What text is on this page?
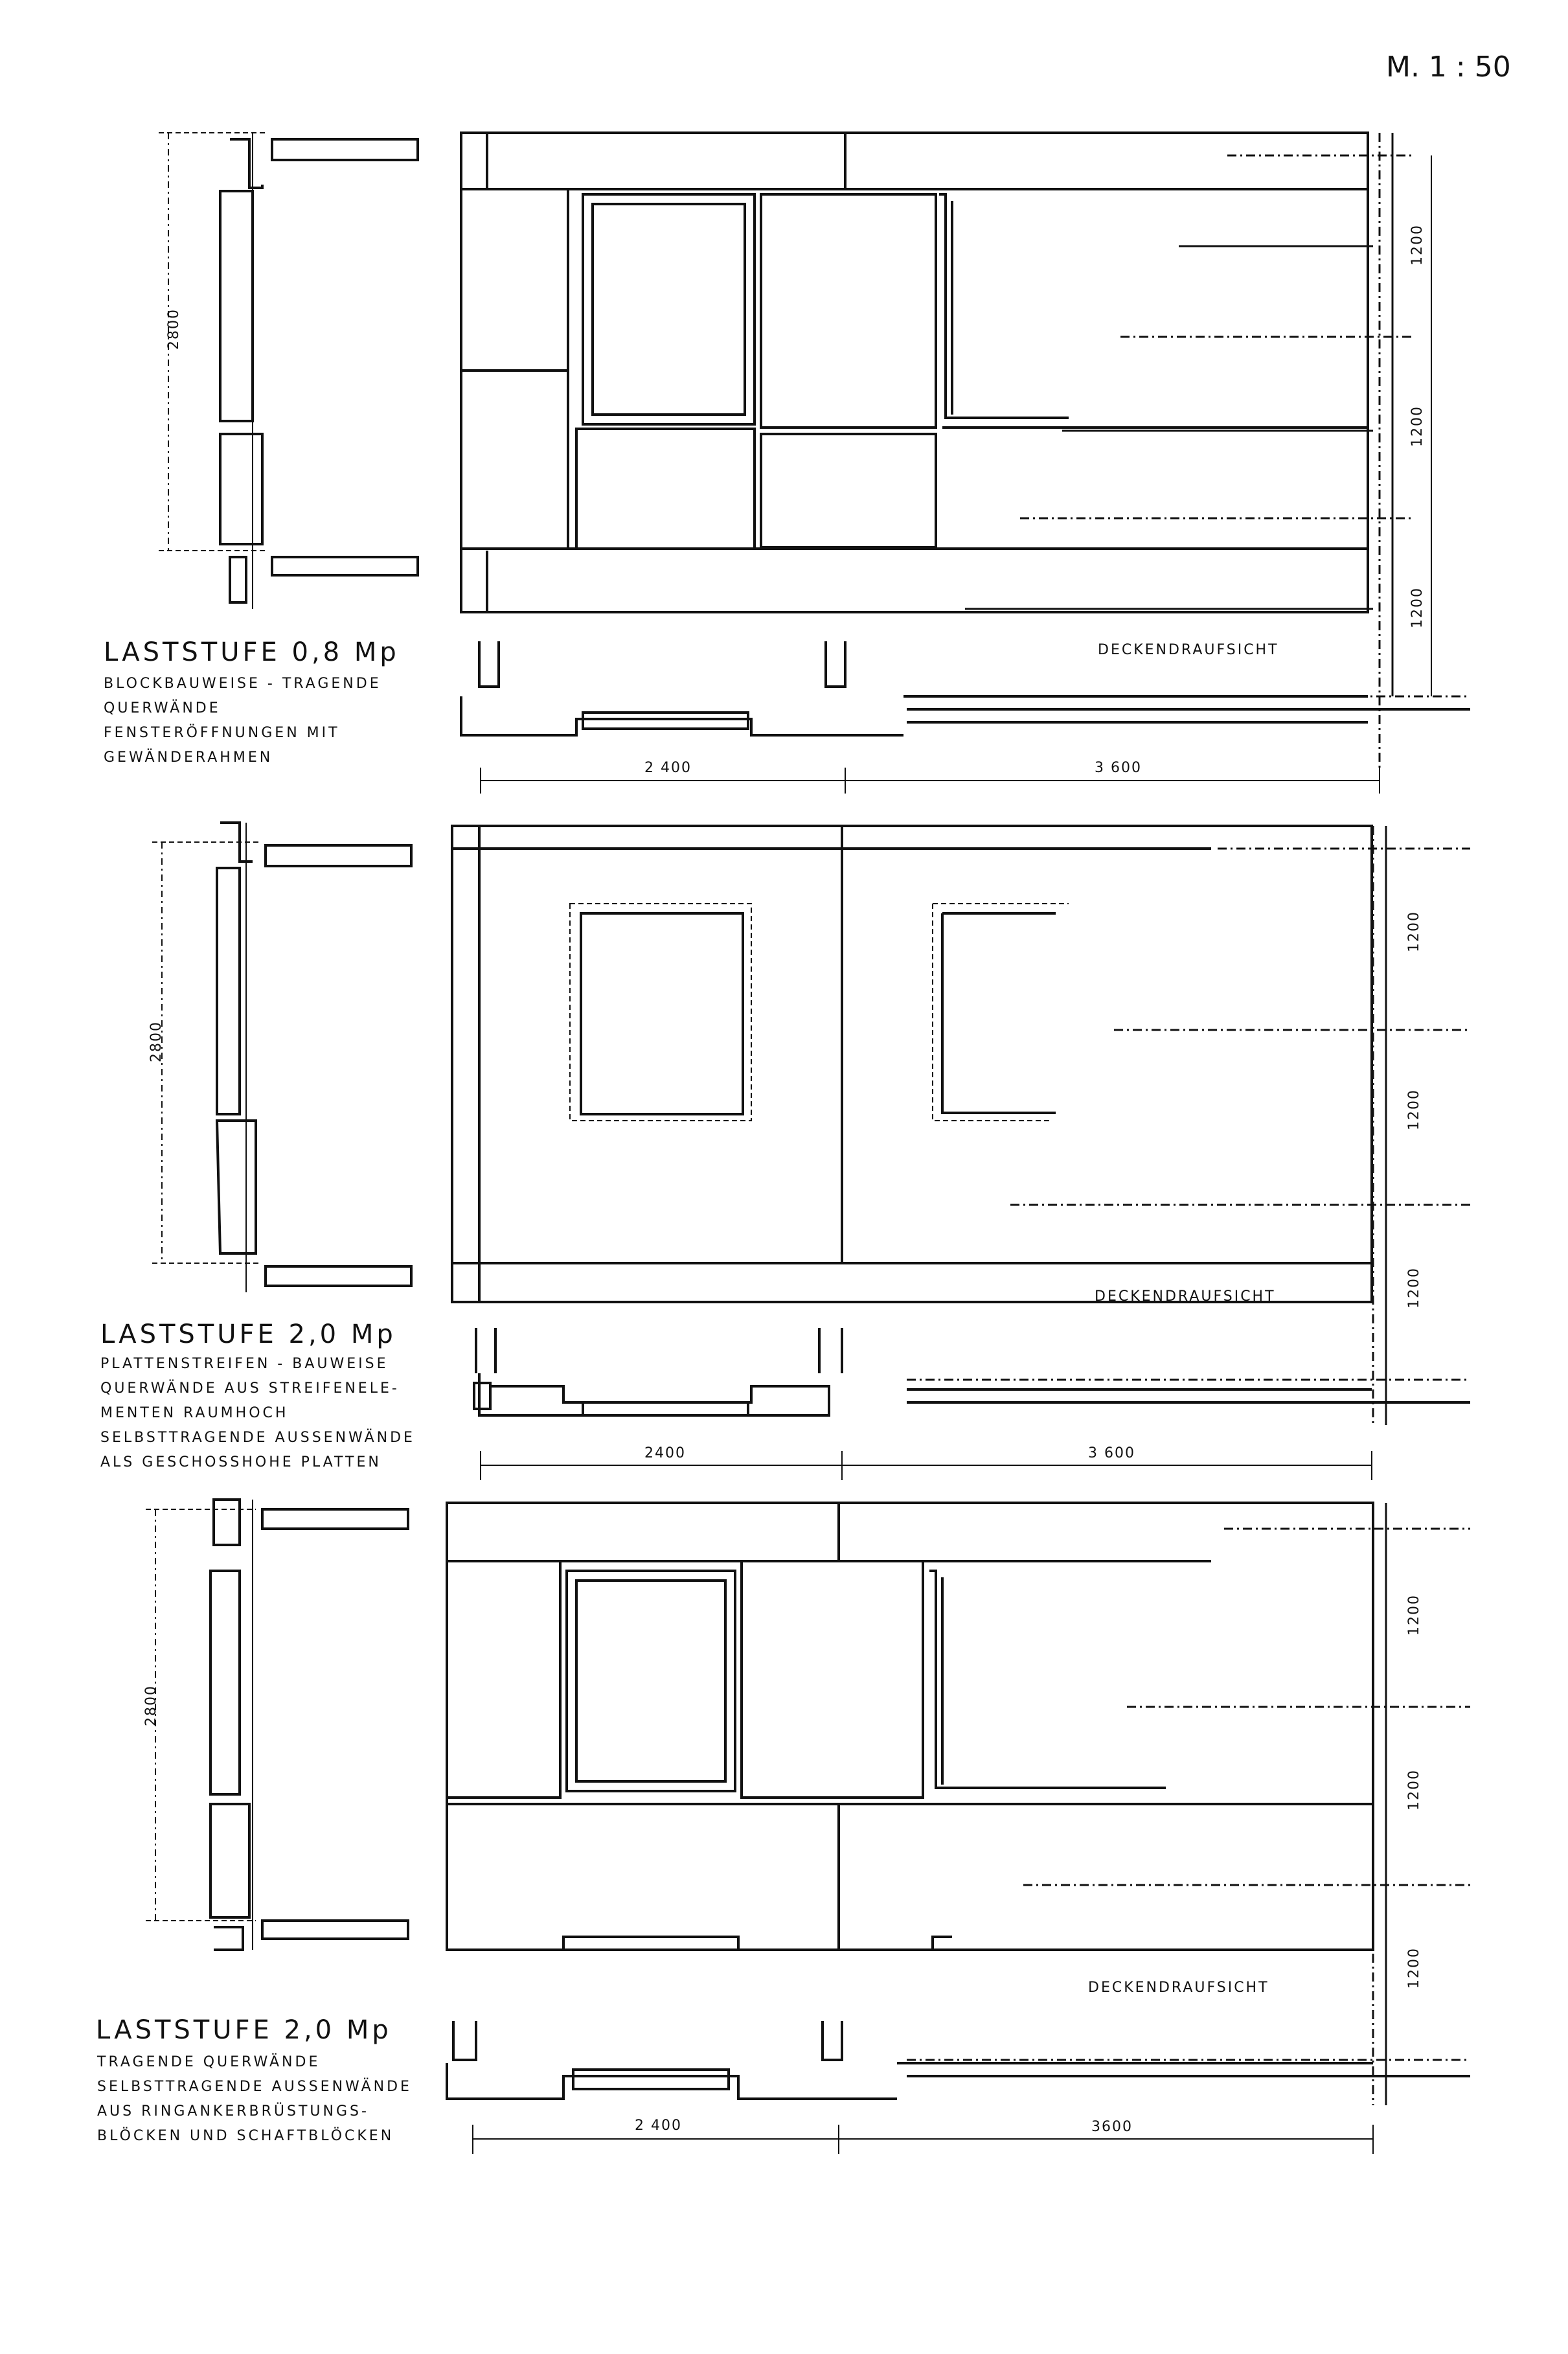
M. 1 : 50
2800
1200
1200
1200
DECKENDRAUFSICHT
2 400	3 600
LASTSTUFE 0,8 Mp
BLOCKBAUWEISE - TRAGENDE
QUERWÄNDE
FENSTERÖFFNUNGEN MIT
GEWÄNDERAHMEN
2800
1200
1200
1200
DECKENDRAUFSICHT
2400	3 600
LASTSTUFE 2,0 Mp
PLATTENSTREIFEN - BAUWEISE
QUERWÄNDE AUS STREIFENELE-
MENTEN RAUMHOCH
SELBSTTRAGENDE AUSSENWÄNDE
ALS GESCHOSSHOHE PLATTEN
2800
1200
1200
1200
DECKENDRAUFSICHT
2 400	3600
LASTSTUFE 2,0 Mp
TRAGENDE QUERWÄNDE
SELBSTTRAGENDE AUSSENWÄNDE
AUS RINGANKERBRÜSTUNGS-
BLÖCKEN UND SCHAFTBLÖCKEN
